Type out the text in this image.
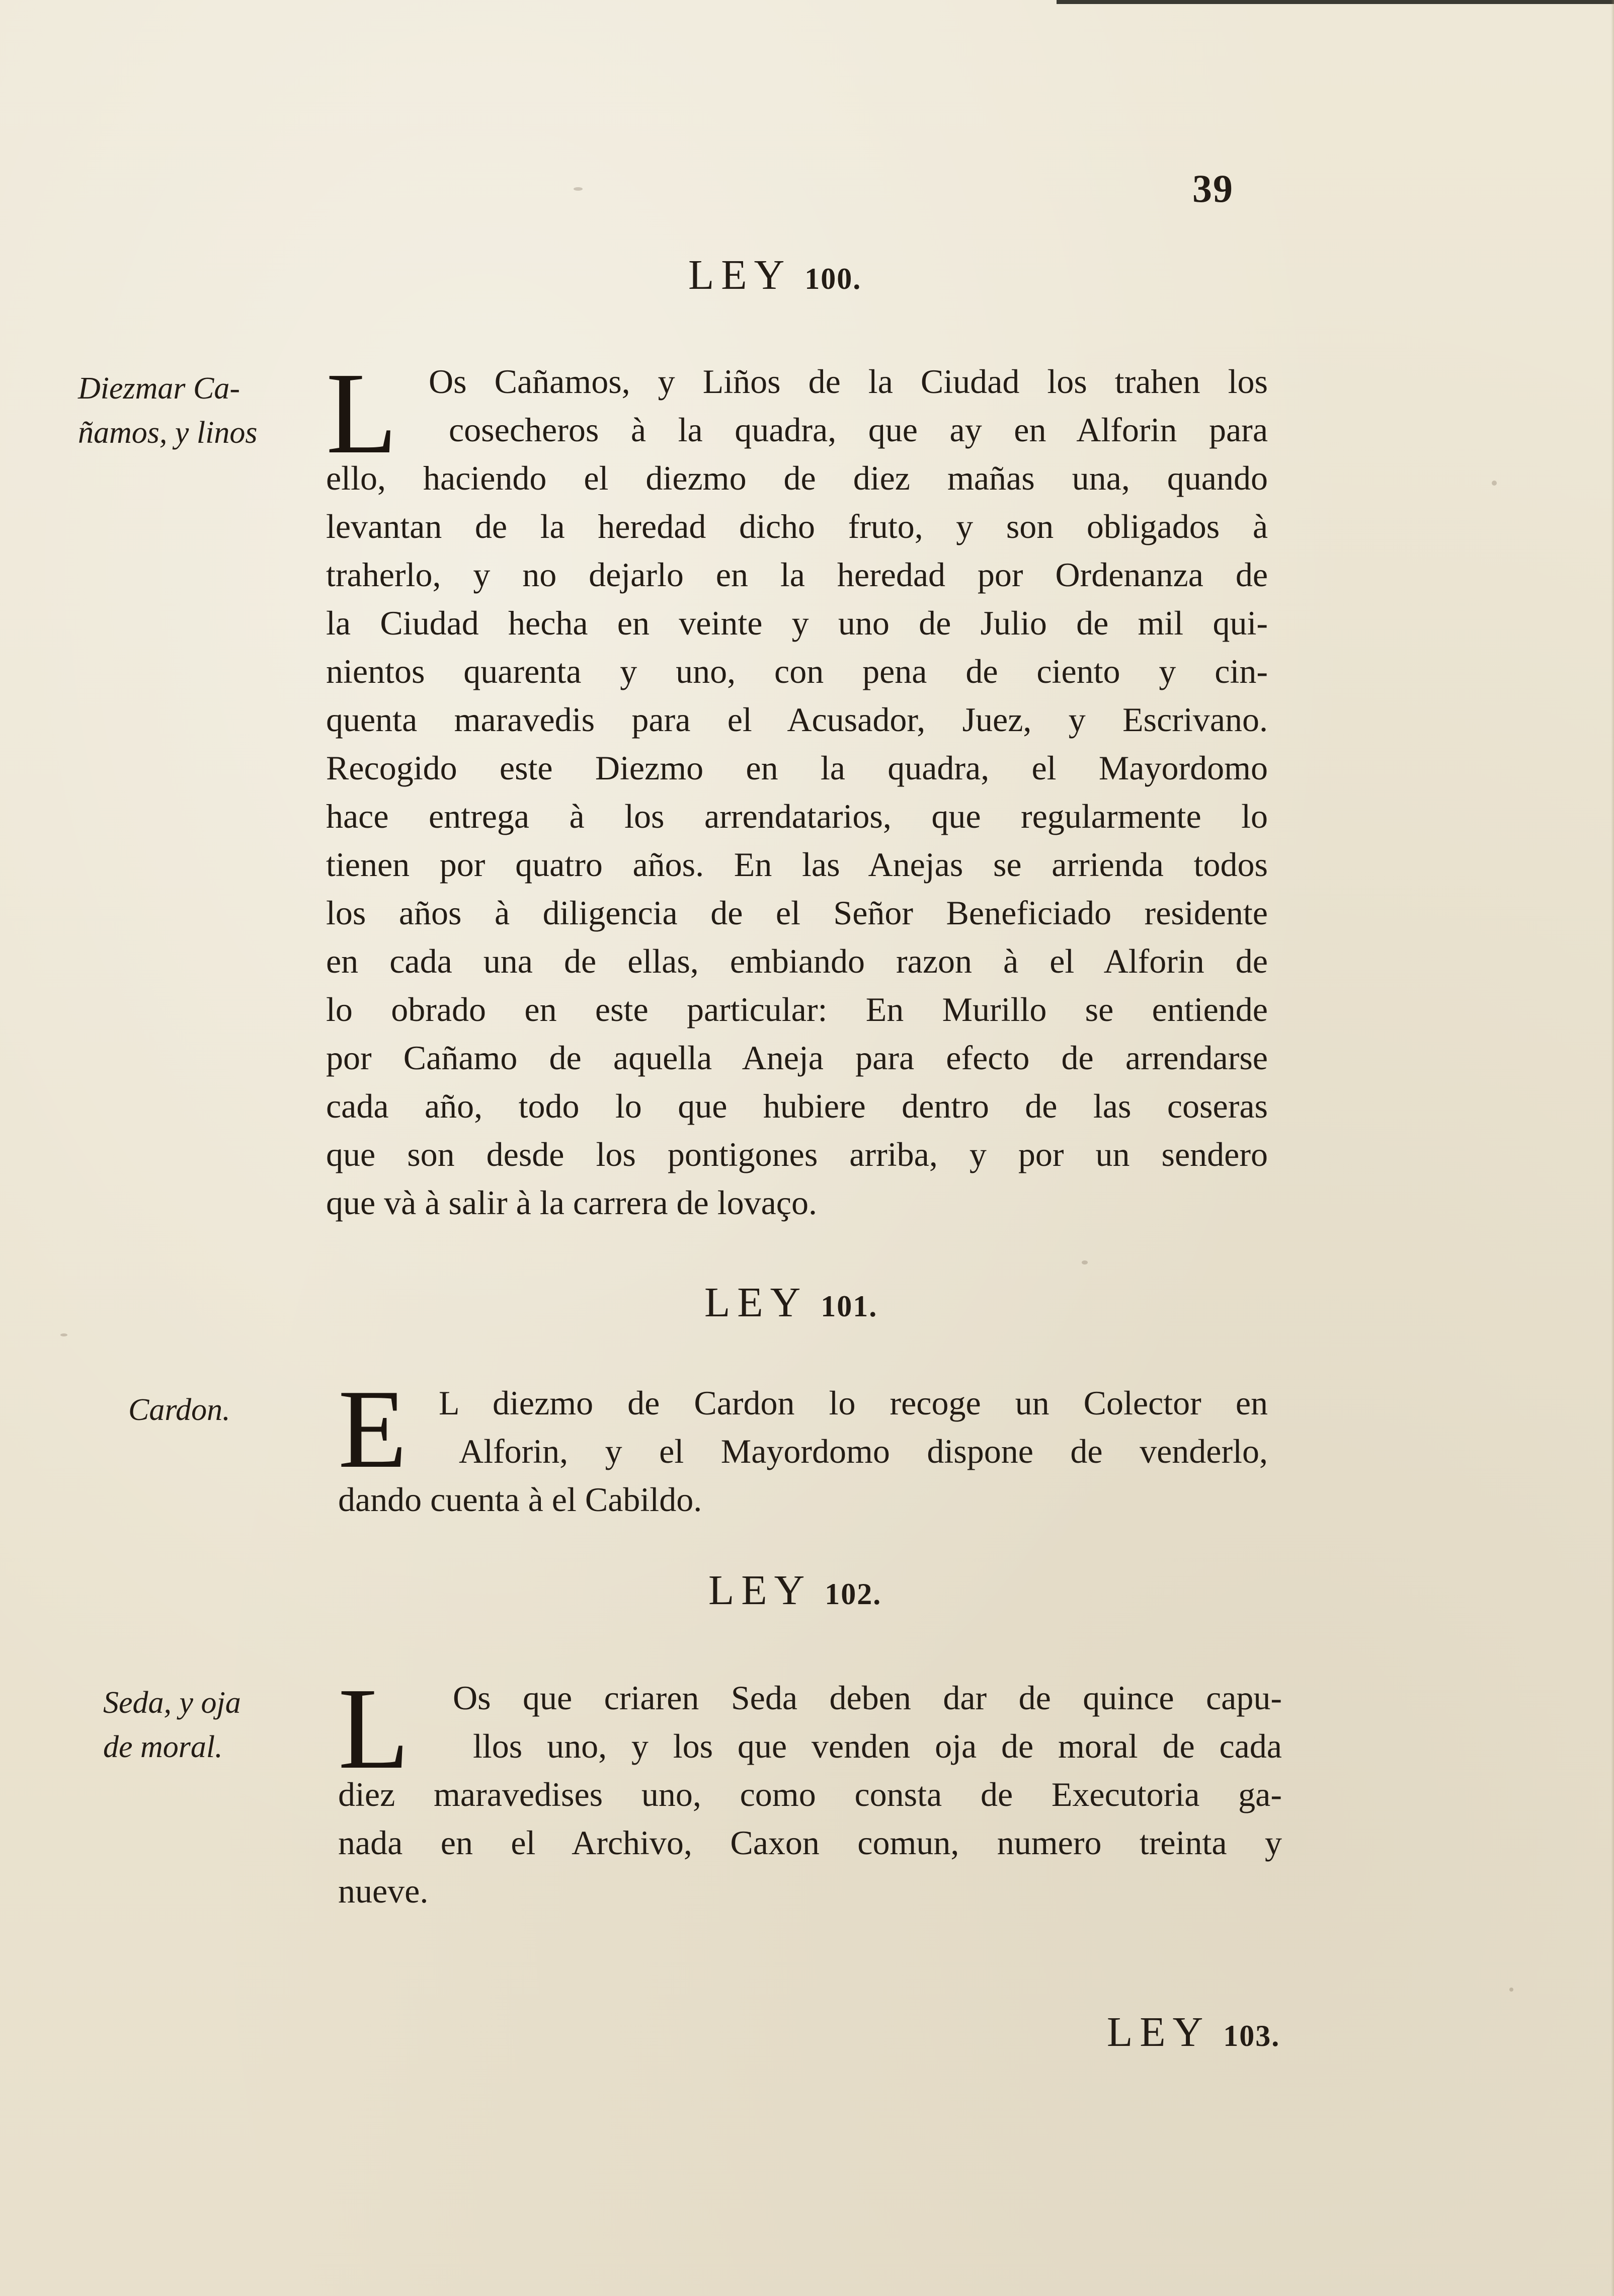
39
LEY 100.
Diezmar Ca-
ñamos, y linos L Os Cañamos, y Liños de la Ciudad los trahen los
cosecheros à la quadra, que ay en Alforin para
ello, haciendo el diezmo de diez mañas una, quando
levantan de la heredad dicho fruto, y son obligados à
traherlo, y no dejarlo en la heredad por Ordenanza de
la Ciudad hecha en veinte y uno de Julio de mil qui-
nientos quarenta y uno, con pena de ciento y cin-
quenta maravedis para el Acusador, Juez, y Escrivano.
Recogido este Diezmo en la quadra, el Mayordomo
hace entrega à los arrendatarios, que regularmente lo
tienen por quatro años. En las Anejas se arrienda todos
los años à diligencia de el Señor Beneficiado residente
en cada una de ellas, embiando razon à el Alforin de
lo obrado en este particular: En Murillo se entiende
por Cañamo de aquella Aneja para efecto de arrendarse
cada año, todo lo que hubiere dentro de las coseras
que son desde los pontigones arriba, y por un sendero
que và à salir à la carrera de lovaço.
LEY 101.
Cardon. E L diezmo de Cardon lo recoge un Colector en
Alforin, y el Mayordomo dispone de venderlo,
dando cuenta à el Cabildo.
LEY 102.
Seda, y oja
de moral. L Os que criaren Seda deben dar de quince capu-
llos uno, y los que venden oja de moral de cada
diez maravedises uno, como consta de Executoria ga-
nada en el Archivo, Caxon comun, numero treinta y
nueve.
LEY 103.
